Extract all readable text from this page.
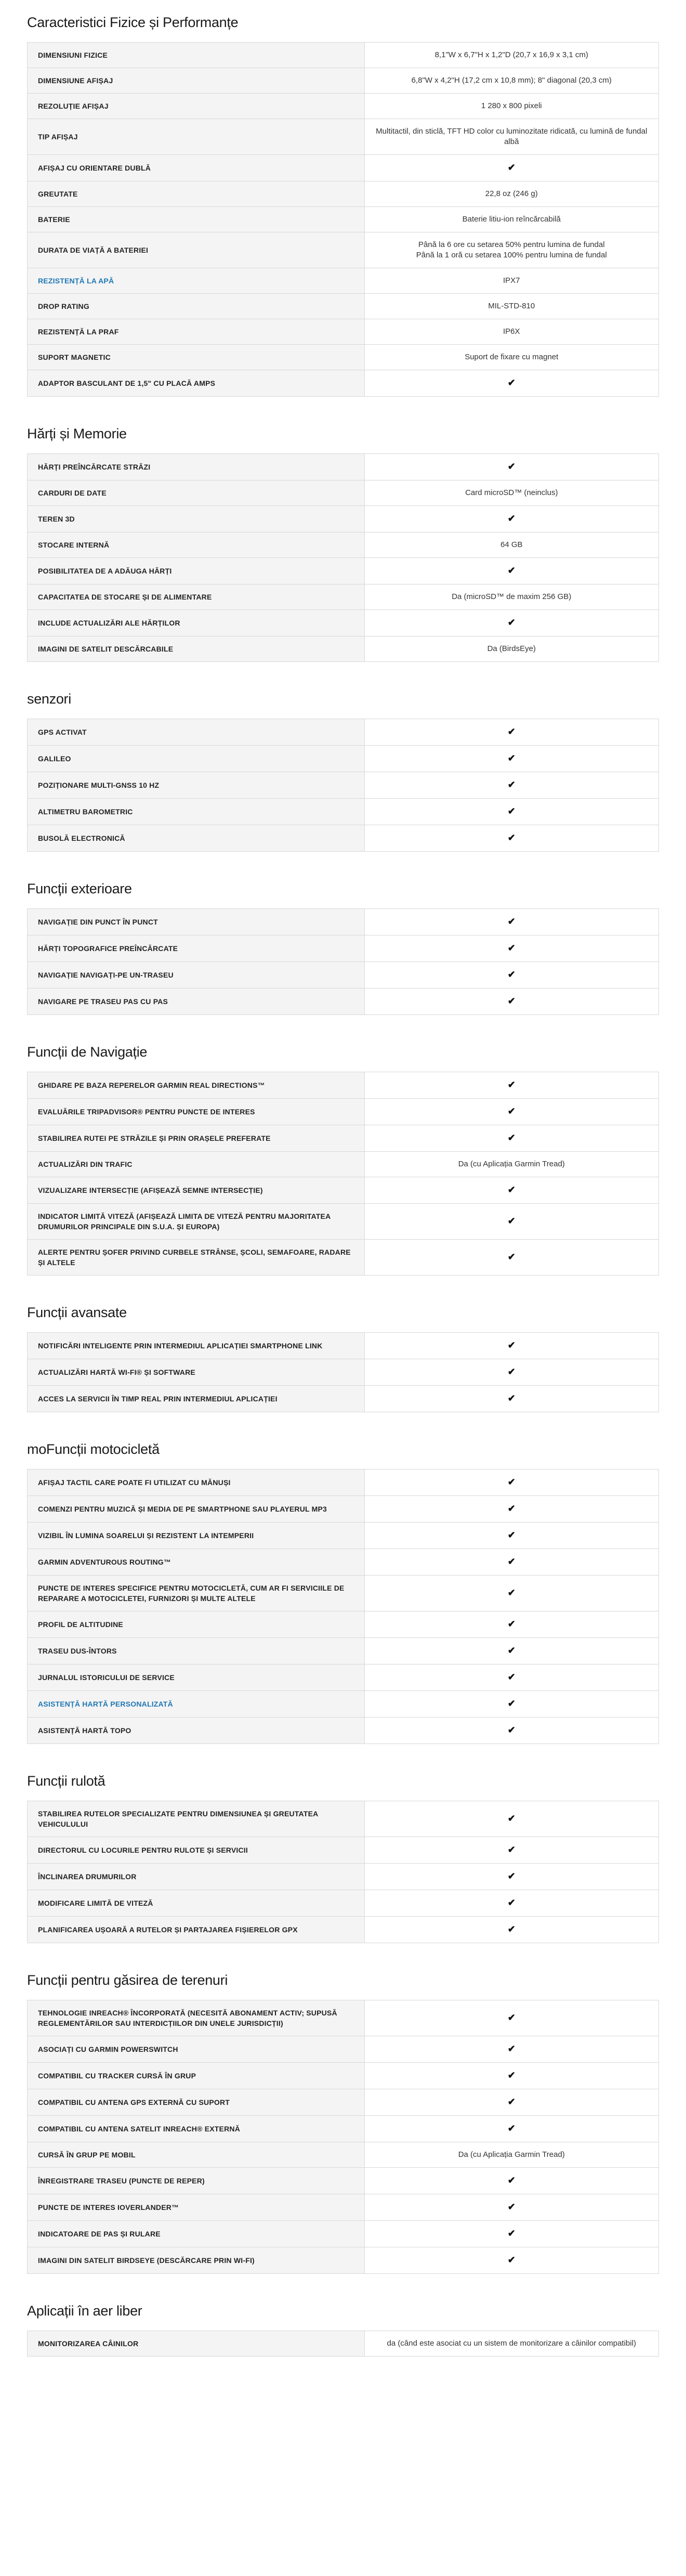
Caracteristici Fizice și Performanțe
DIMENSIUNI FIZICE	8,1"W x 6,7"H x 1,2"D (20,7 x 16,9 x 3,1 cm)
DIMENSIUNE AFIȘAJ	6,8"W x 4,2"H (17,2 cm x 10,8 mm); 8" diagonal (20,3 cm)
REZOLUȚIE AFIȘAJ	1 280 x 800 pixeli
TIP AFIȘAJ	Multitactil, din sticlă, TFT HD color cu luminozitate ridicată, cu lumină de fundal albă
AFIȘAJ CU ORIENTARE DUBLĂ	✔
GREUTATE	22,8 oz (246 g)
BATERIE	Baterie litiu-ion reîncărcabilă
DURATA DE VIAȚĂ A BATERIEI	Până la 6 ore cu setarea 50% pentru lumina de fundal
Până la 1 oră cu setarea 100% pentru lumina de fundal
REZISTENȚĂ LA APĂ	IPX7
DROP RATING	MIL-STD-810
REZISTENȚĂ LA PRAF	IP6X
SUPORT MAGNETIC	Suport de fixare cu magnet
ADAPTOR BASCULANT DE 1,5" CU PLACĂ AMPS	✔
Hărți și Memorie
HĂRȚI PREÎNCĂRCATE STRĂZI	✔
CARDURI DE DATE	Card microSD™ (neinclus)
TEREN 3D	✔
STOCARE INTERNĂ	64 GB
POSIBILITATEA DE A ADĂUGA HĂRȚI	✔
CAPACITATEA DE STOCARE ȘI DE ALIMENTARE	Da (microSD™ de maxim 256 GB)
INCLUDE ACTUALIZĂRI ALE HĂRȚILOR	✔
IMAGINI DE SATELIT DESCĂRCABILE	Da (BirdsEye)
senzori
GPS ACTIVAT	✔
GALILEO	✔
POZIȚIONARE MULTI-GNSS 10 HZ	✔
ALTIMETRU BAROMETRIC	✔
BUSOLĂ ELECTRONICĂ	✔
Funcții exterioare
NAVIGAȚIE DIN PUNCT ÎN PUNCT	✔
HĂRȚI TOPOGRAFICE PREÎNCĂRCATE	✔
NAVIGAȚIE NAVIGAȚI-PE UN-TRASEU	✔
NAVIGARE PE TRASEU PAS CU PAS	✔
Funcții de Navigație
GHIDARE PE BAZA REPERELOR GARMIN REAL DIRECTIONS™	✔
EVALUĂRILE TRIPADVISOR® PENTRU PUNCTE DE INTERES	✔
STABILIREA RUTEI PE STRĂZILE ȘI PRIN ORAȘELE PREFERATE	✔
ACTUALIZĂRI DIN TRAFIC	Da (cu Aplicația Garmin Tread)
VIZUALIZARE INTERSECȚIE (AFIȘEAZĂ SEMNE INTERSECȚIE)	✔
INDICATOR LIMITĂ VITEZĂ (AFIȘEAZĂ LIMITA DE VITEZĂ PENTRU MAJORITATEA DRUMURILOR PRINCIPALE DIN S.U.A. ȘI EUROPA)	✔
ALERTE PENTRU ȘOFER PRIVIND CURBELE STRÂNSE, ȘCOLI, SEMAFOARE, RADARE ȘI ALTELE	✔
Funcții avansate
NOTIFICĂRI INTELIGENTE PRIN INTERMEDIUL APLICAȚIEI SMARTPHONE LINK	✔
ACTUALIZĂRI HARTĂ WI-FI® ȘI SOFTWARE	✔
ACCES LA SERVICII ÎN TIMP REAL PRIN INTERMEDIUL APLICAȚIEI	✔
moFuncții motocicletă
AFIȘAJ TACTIL CARE POATE FI UTILIZAT CU MĂNUȘI	✔
COMENZI PENTRU MUZICĂ ȘI MEDIA DE PE SMARTPHONE SAU PLAYERUL MP3	✔
VIZIBIL ÎN LUMINA SOARELUI ȘI REZISTENT LA INTEMPERII	✔
GARMIN ADVENTUROUS ROUTING™	✔
PUNCTE DE INTERES SPECIFICE PENTRU MOTOCICLETĂ, CUM AR FI SERVICIILE DE REPARARE A MOTOCICLETEI, FURNIZORI ȘI MULTE ALTELE	✔
PROFIL DE ALTITUDINE	✔
TRASEU DUS-ÎNTORS	✔
JURNALUL ISTORICULUI DE SERVICE	✔
ASISTENȚĂ HARTĂ PERSONALIZATĂ	✔
ASISTENȚĂ HARTĂ TOPO	✔
Funcții rulotă
STABILIREA RUTELOR SPECIALIZATE PENTRU DIMENSIUNEA ȘI GREUTATEA VEHICULULUI	✔
DIRECTORUL CU LOCURILE PENTRU RULOTE ȘI SERVICII	✔
ÎNCLINAREA DRUMURILOR	✔
MODIFICARE LIMITĂ DE VITEZĂ	✔
PLANIFICAREA UȘOARĂ A RUTELOR ȘI PARTAJAREA FIȘIERELOR GPX	✔
Funcții pentru găsirea de terenuri
TEHNOLOGIE INREACH® ÎNCORPORATĂ (NECESITĂ ABONAMENT ACTIV; SUPUSĂ REGLEMENTĂRILOR SAU INTERDICȚIILOR DIN UNELE JURISDICȚII)	✔
ASOCIAȚI CU GARMIN POWERSWITCH	✔
COMPATIBIL CU TRACKER CURSĂ ÎN GRUP	✔
COMPATIBIL CU ANTENA GPS EXTERNĂ CU SUPORT	✔
COMPATIBIL CU ANTENA SATELIT INREACH® EXTERNĂ	✔
CURSĂ ÎN GRUP PE MOBIL	Da (cu Aplicația Garmin Tread)
ÎNREGISTRARE TRASEU (PUNCTE DE REPER)	✔
PUNCTE DE INTERES IOVERLANDER™	✔
INDICATOARE DE PAS ȘI RULARE	✔
IMAGINI DIN SATELIT BIRDSEYE (DESCĂRCARE PRIN WI-FI)	✔
Aplicații în aer liber
MONITORIZAREA CÂINILOR	da (când este asociat cu un sistem de monitorizare a câinilor compatibil)
